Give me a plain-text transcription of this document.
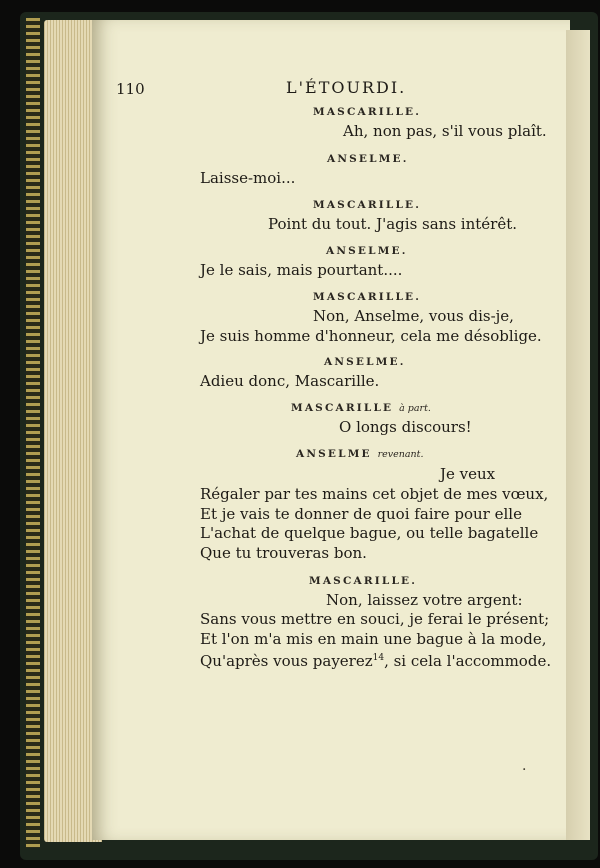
110	L'ÉTOURDI.
MASCARILLE.
Ah, non pas, s'il vous plaît.
ANSELME.
Laisse-moi...
MASCARILLE.
Point du tout. J'agis sans intérêt.
ANSELME.
Je le sais, mais pourtant....
MASCARILLE.
Non, Anselme, vous dis-je,
Je suis homme d'honneur, cela me désoblige.
ANSELME.
Adieu donc, Mascarille.
MASCARILLE à part.
O longs discours!
ANSELME revenant.
Je veux
Régaler par tes mains cet objet de mes vœux,
Et je vais te donner de quoi faire pour elle
L'achat de quelque bague, ou telle bagatelle
Que tu trouveras bon.
MASCARILLE.
Non, laissez votre argent:
Sans vous mettre en souci, je ferai le présent;
Et l'on m'a mis en main une bague à la mode,
Qu'après vous payerez$^{14}$, si cela l'accommode.
·
